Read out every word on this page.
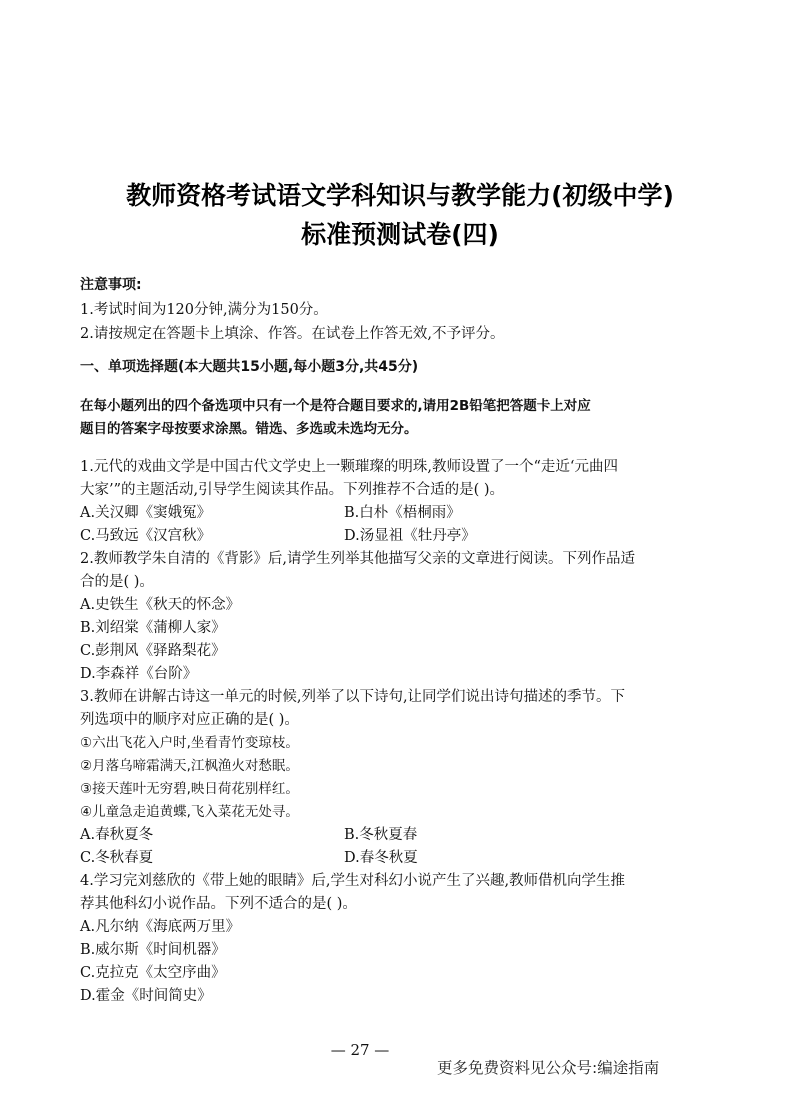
教师资格考试语文学科知识与教学能力(初级中学)
标准预测试卷(四)
注意事项:
1.考试时间为120分钟,满分为150分。
2.请按规定在答题卡上填涂、作答。在试卷上作答无效,不予评分。
一、单项选择题(本大题共15小题,每小题3分,共45分)
在每小题列出的四个备选项中只有一个是符合题目要求的,请用2B铅笔把答题卡上对应
题目的答案字母按要求涂黑。错选、多选或未选均无分。
1.元代的戏曲文学是中国古代文学史上一颗璀璨的明珠,教师设置了一个“走近‘元曲四
大家’”的主题活动,引导学生阅读其作品。下列推荐不合适的是( )。
A.关汉卿《窦娥冤》	B.白朴《梧桐雨》
C.马致远《汉宫秋》	D.汤显祖《牡丹亭》
2.教师教学朱自清的《背影》后,请学生列举其他描写父亲的文章进行阅读。下列作品适
合的是( )。
A.史铁生《秋天的怀念》
B.刘绍棠《蒲柳人家》
C.彭荆风《驿路梨花》
D.李森祥《台阶》
3.教师在讲解古诗这一单元的时候,列举了以下诗句,让同学们说出诗句描述的季节。下
列选项中的顺序对应正确的是( )。
①六出飞花入户时,坐看青竹变琼枝。
②月落乌啼霜满天,江枫渔火对愁眠。
③接天莲叶无穷碧,映日荷花别样红。
④儿童急走追黄蝶,飞入菜花无处寻。
A.春秋夏冬	B.冬秋夏春
C.冬秋春夏	D.春冬秋夏
4.学习完刘慈欣的《带上她的眼睛》后,学生对科幻小说产生了兴趣,教师借机向学生推
荐其他科幻小说作品。下列不适合的是( )。
A.凡尔纳《海底两万里》
B.威尔斯《时间机器》
C.克拉克《太空序曲》
D.霍金《时间简史》
— 27 —
更多免费资料见公众号:编途指南
